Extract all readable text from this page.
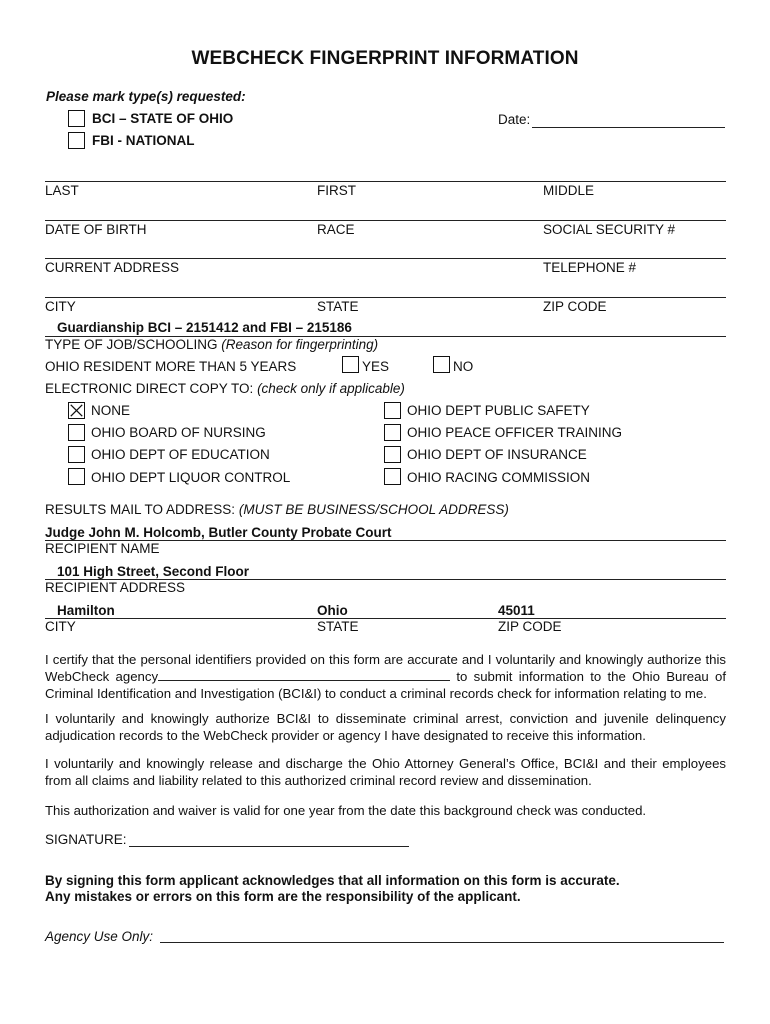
WEBCHECK FINGERPRINT INFORMATION
Please mark type(s) requested:
BCI – STATE OF OHIO
FBI - NATIONAL
Date:
LAST	FIRST	MIDDLE
DATE OF BIRTH	RACE	SOCIAL SECURITY #
CURRENT ADDRESS	TELEPHONE #
CITY	STATE	ZIP CODE
Guardianship BCI – 2151412 and FBI – 215186
TYPE OF JOB/SCHOOLING (Reason for fingerprinting)
OHIO RESIDENT MORE THAN 5 YEARS	YES	NO
ELECTRONIC DIRECT COPY TO: (check only if applicable)
NONE
OHIO BOARD OF NURSING
OHIO DEPT OF EDUCATION
OHIO DEPT LIQUOR CONTROL
OHIO DEPT PUBLIC SAFETY
OHIO PEACE OFFICER TRAINING
OHIO DEPT OF INSURANCE
OHIO RACING COMMISSION
RESULTS MAIL TO ADDRESS: (MUST BE BUSINESS/SCHOOL ADDRESS)
Judge John M. Holcomb, Butler County Probate Court
RECIPIENT NAME
101 High Street, Second Floor
RECIPIENT ADDRESS
Hamilton	Ohio	45011
CITY	STATE	ZIP CODE
I certify that the personal identifiers provided on this form are accurate and I voluntarily and knowingly authorize this WebCheck agency	to submit information to the Ohio Bureau of Criminal Identification and Investigation (BCI&I) to conduct a criminal records check for information relating to me.
I voluntarily and knowingly authorize BCI&I to disseminate criminal arrest, conviction and juvenile delinquency adjudication records to the WebCheck provider or agency I have designated to receive this information.
I voluntarily and knowingly release and discharge the Ohio Attorney General’s Office, BCI&I and their employees from all claims and liability related to this authorized criminal record review and dissemination.
This authorization and waiver is valid for one year from the date this background check was conducted.
SIGNATURE:
By signing this form applicant acknowledges that all information on this form is accurate.
Any mistakes or errors on this form are the responsibility of the applicant.
Agency Use Only:
